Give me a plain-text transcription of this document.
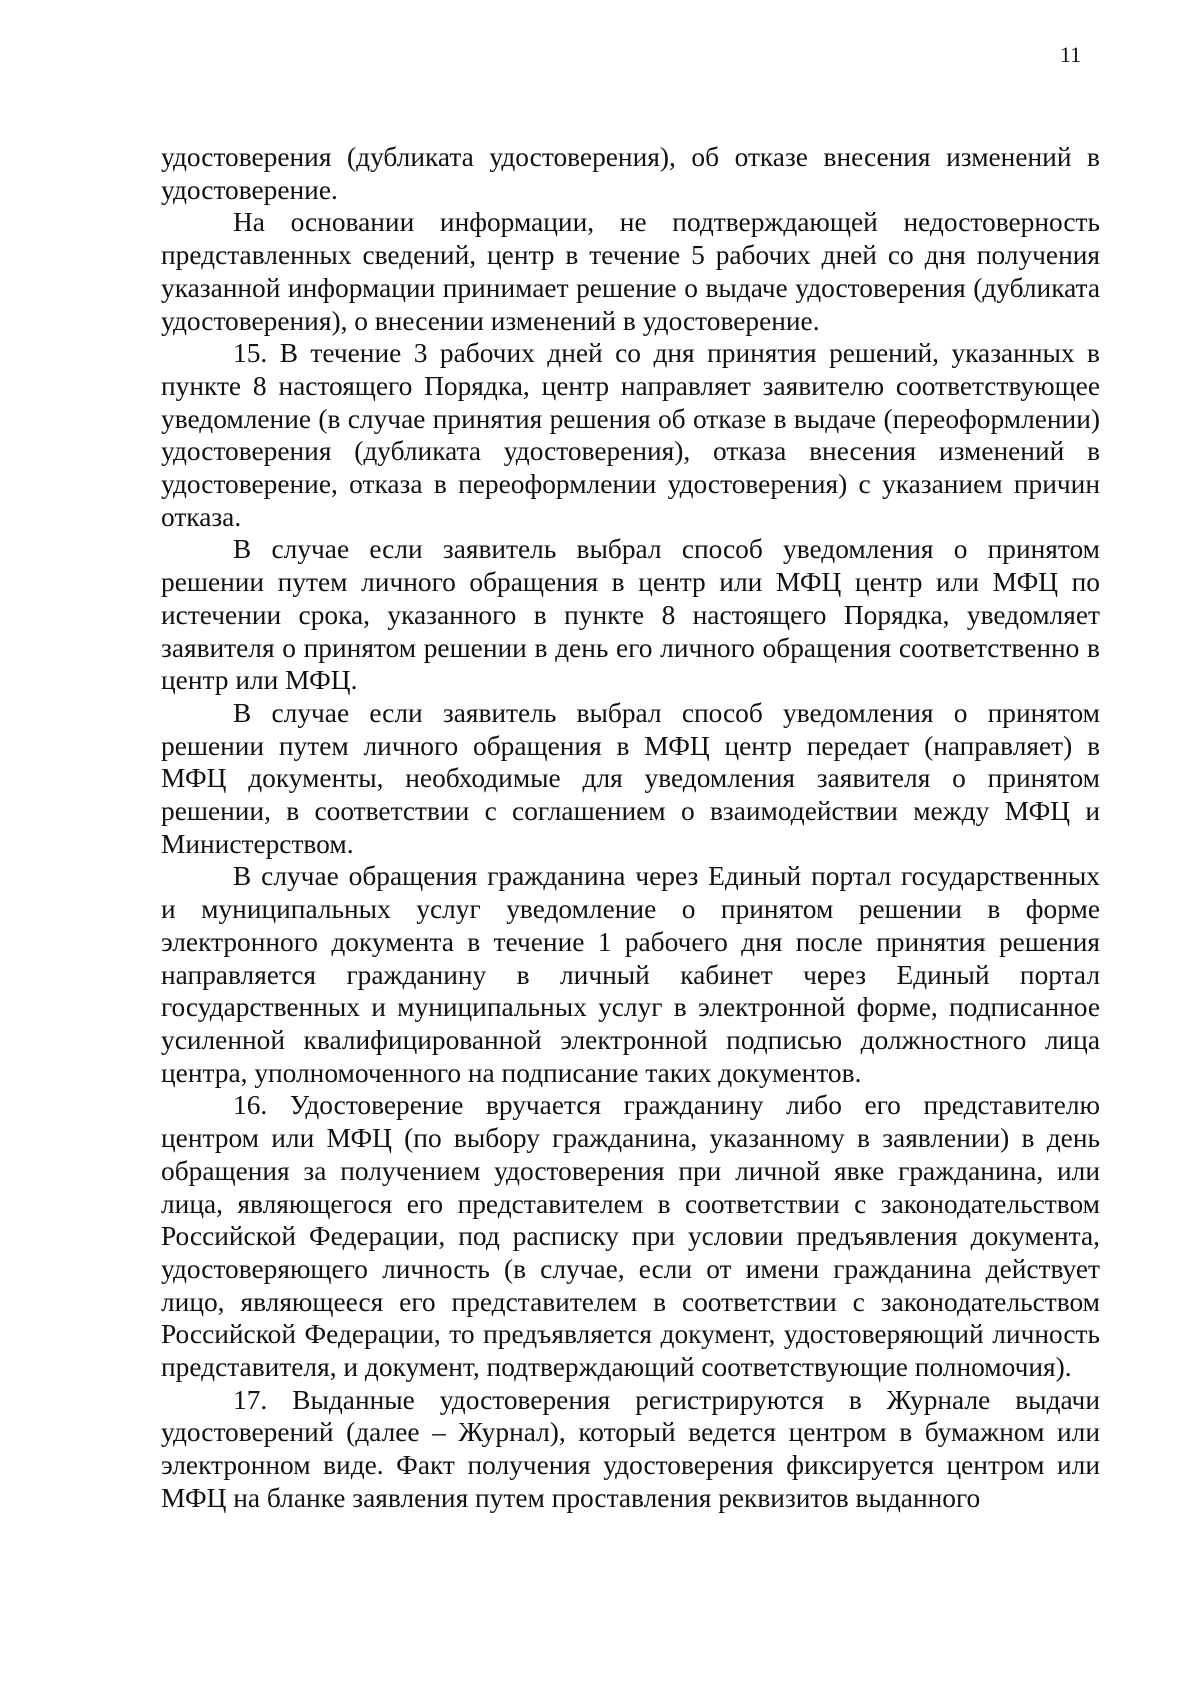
11

удостоверения (дубликата удостоверения), об отказе внесения изменений в удостоверение.

На основании информации, не подтверждающей недостоверность представленных сведений, центр в течение 5 рабочих дней со дня получения указанной информации принимает решение о выдаче удостоверения (дубликата удостоверения), о внесении изменений в удостоверение.

15. В течение 3 рабочих дней со дня принятия решений, указанных в пункте 8 настоящего Порядка, центр направляет заявителю соответствующее уведомление (в случае принятия решения об отказе в выдаче (переоформлении) удостоверения (дубликата удостоверения), отказа внесения изменений в удостоверение, отказа в переоформлении удостоверения) с указанием причин отказа.

В случае если заявитель выбрал способ уведомления о принятом решении путем личного обращения в центр или МФЦ центр или МФЦ по истечении срока, указанного в пункте 8 настоящего Порядка, уведомляет заявителя о принятом решении в день его личного обращения соответственно в центр или МФЦ.

В случае если заявитель выбрал способ уведомления о принятом решении путем личного обращения в МФЦ центр передает (направляет) в МФЦ документы, необходимые для уведомления заявителя о принятом решении, в соответствии с соглашением о взаимодействии между МФЦ и Министерством.

В случае обращения гражданина через Единый портал государственных и муниципальных услуг уведомление о принятом решении в форме электронного документа в течение 1 рабочего дня после принятия решения направляется гражданину в личный кабинет через Единый портал государственных и муниципальных услуг в электронной форме, подписанное усиленной квалифицированной электронной подписью должностного лица центра, уполномоченного на подписание таких документов.

16. Удостоверение вручается гражданину либо его представителю центром или МФЦ (по выбору гражданина, указанному в заявлении) в день обращения за получением удостоверения при личной явке гражданина, или лица, являющегося его представителем в соответствии с законодательством Российской Федерации, под расписку при условии предъявления документа, удостоверяющего личность (в случае, если от имени гражданина действует лицо, являющееся его представителем в соответствии с законодательством Российской Федерации, то предъявляется документ, удостоверяющий личность представителя, и документ, подтверждающий соответствующие полномочия).

17. Выданные удостоверения регистрируются в Журнале выдачи удостоверений (далее – Журнал), который ведется центром в бумажном или электронном виде. Факт получения удостоверения фиксируется центром или МФЦ на бланке заявления путем проставления реквизитов выданного
